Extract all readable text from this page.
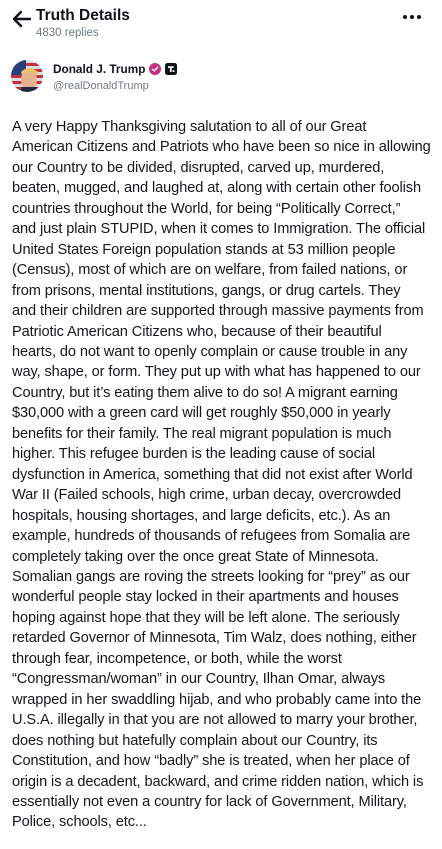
Truth Details
4830 replies
Donald J. Trump
@realDonaldTrump
A very Happy Thanksgiving salutation to all of our Great
American Citizens and Patriots who have been so nice in allowing
our Country to be divided, disrupted, carved up, murdered,
beaten, mugged, and laughed at, along with certain other foolish
countries throughout the World, for being “Politically Correct,”
and just plain STUPID, when it comes to Immigration. The official
United States Foreign population stands at 53 million people
(Census), most of which are on welfare, from failed nations, or
from prisons, mental institutions, gangs, or drug cartels. They
and their children are supported through massive payments from
Patriotic American Citizens who, because of their beautiful
hearts, do not want to openly complain or cause trouble in any
way, shape, or form. They put up with what has happened to our
Country, but it’s eating them alive to do so! A migrant earning
$30,000 with a green card will get roughly $50,000 in yearly
benefits for their family. The real migrant population is much
higher. This refugee burden is the leading cause of social
dysfunction in America, something that did not exist after World
War II (Failed schools, high crime, urban decay, overcrowded
hospitals, housing shortages, and large deficits, etc.). As an
example, hundreds of thousands of refugees from Somalia are
completely taking over the once great State of Minnesota.
Somalian gangs are roving the streets looking for “prey” as our
wonderful people stay locked in their apartments and houses
hoping against hope that they will be left alone. The seriously
retarded Governor of Minnesota, Tim Walz, does nothing, either
through fear, incompetence, or both, while the worst
“Congressman/woman” in our Country, Ilhan Omar, always
wrapped in her swaddling hijab, and who probably came into the
U.S.A. illegally in that you are not allowed to marry your brother,
does nothing but hatefully complain about our Country, its
Constitution, and how “badly” she is treated, when her place of
origin is a decadent, backward, and crime ridden nation, which is
essentially not even a country for lack of Government, Military,
Police, schools, etc...
